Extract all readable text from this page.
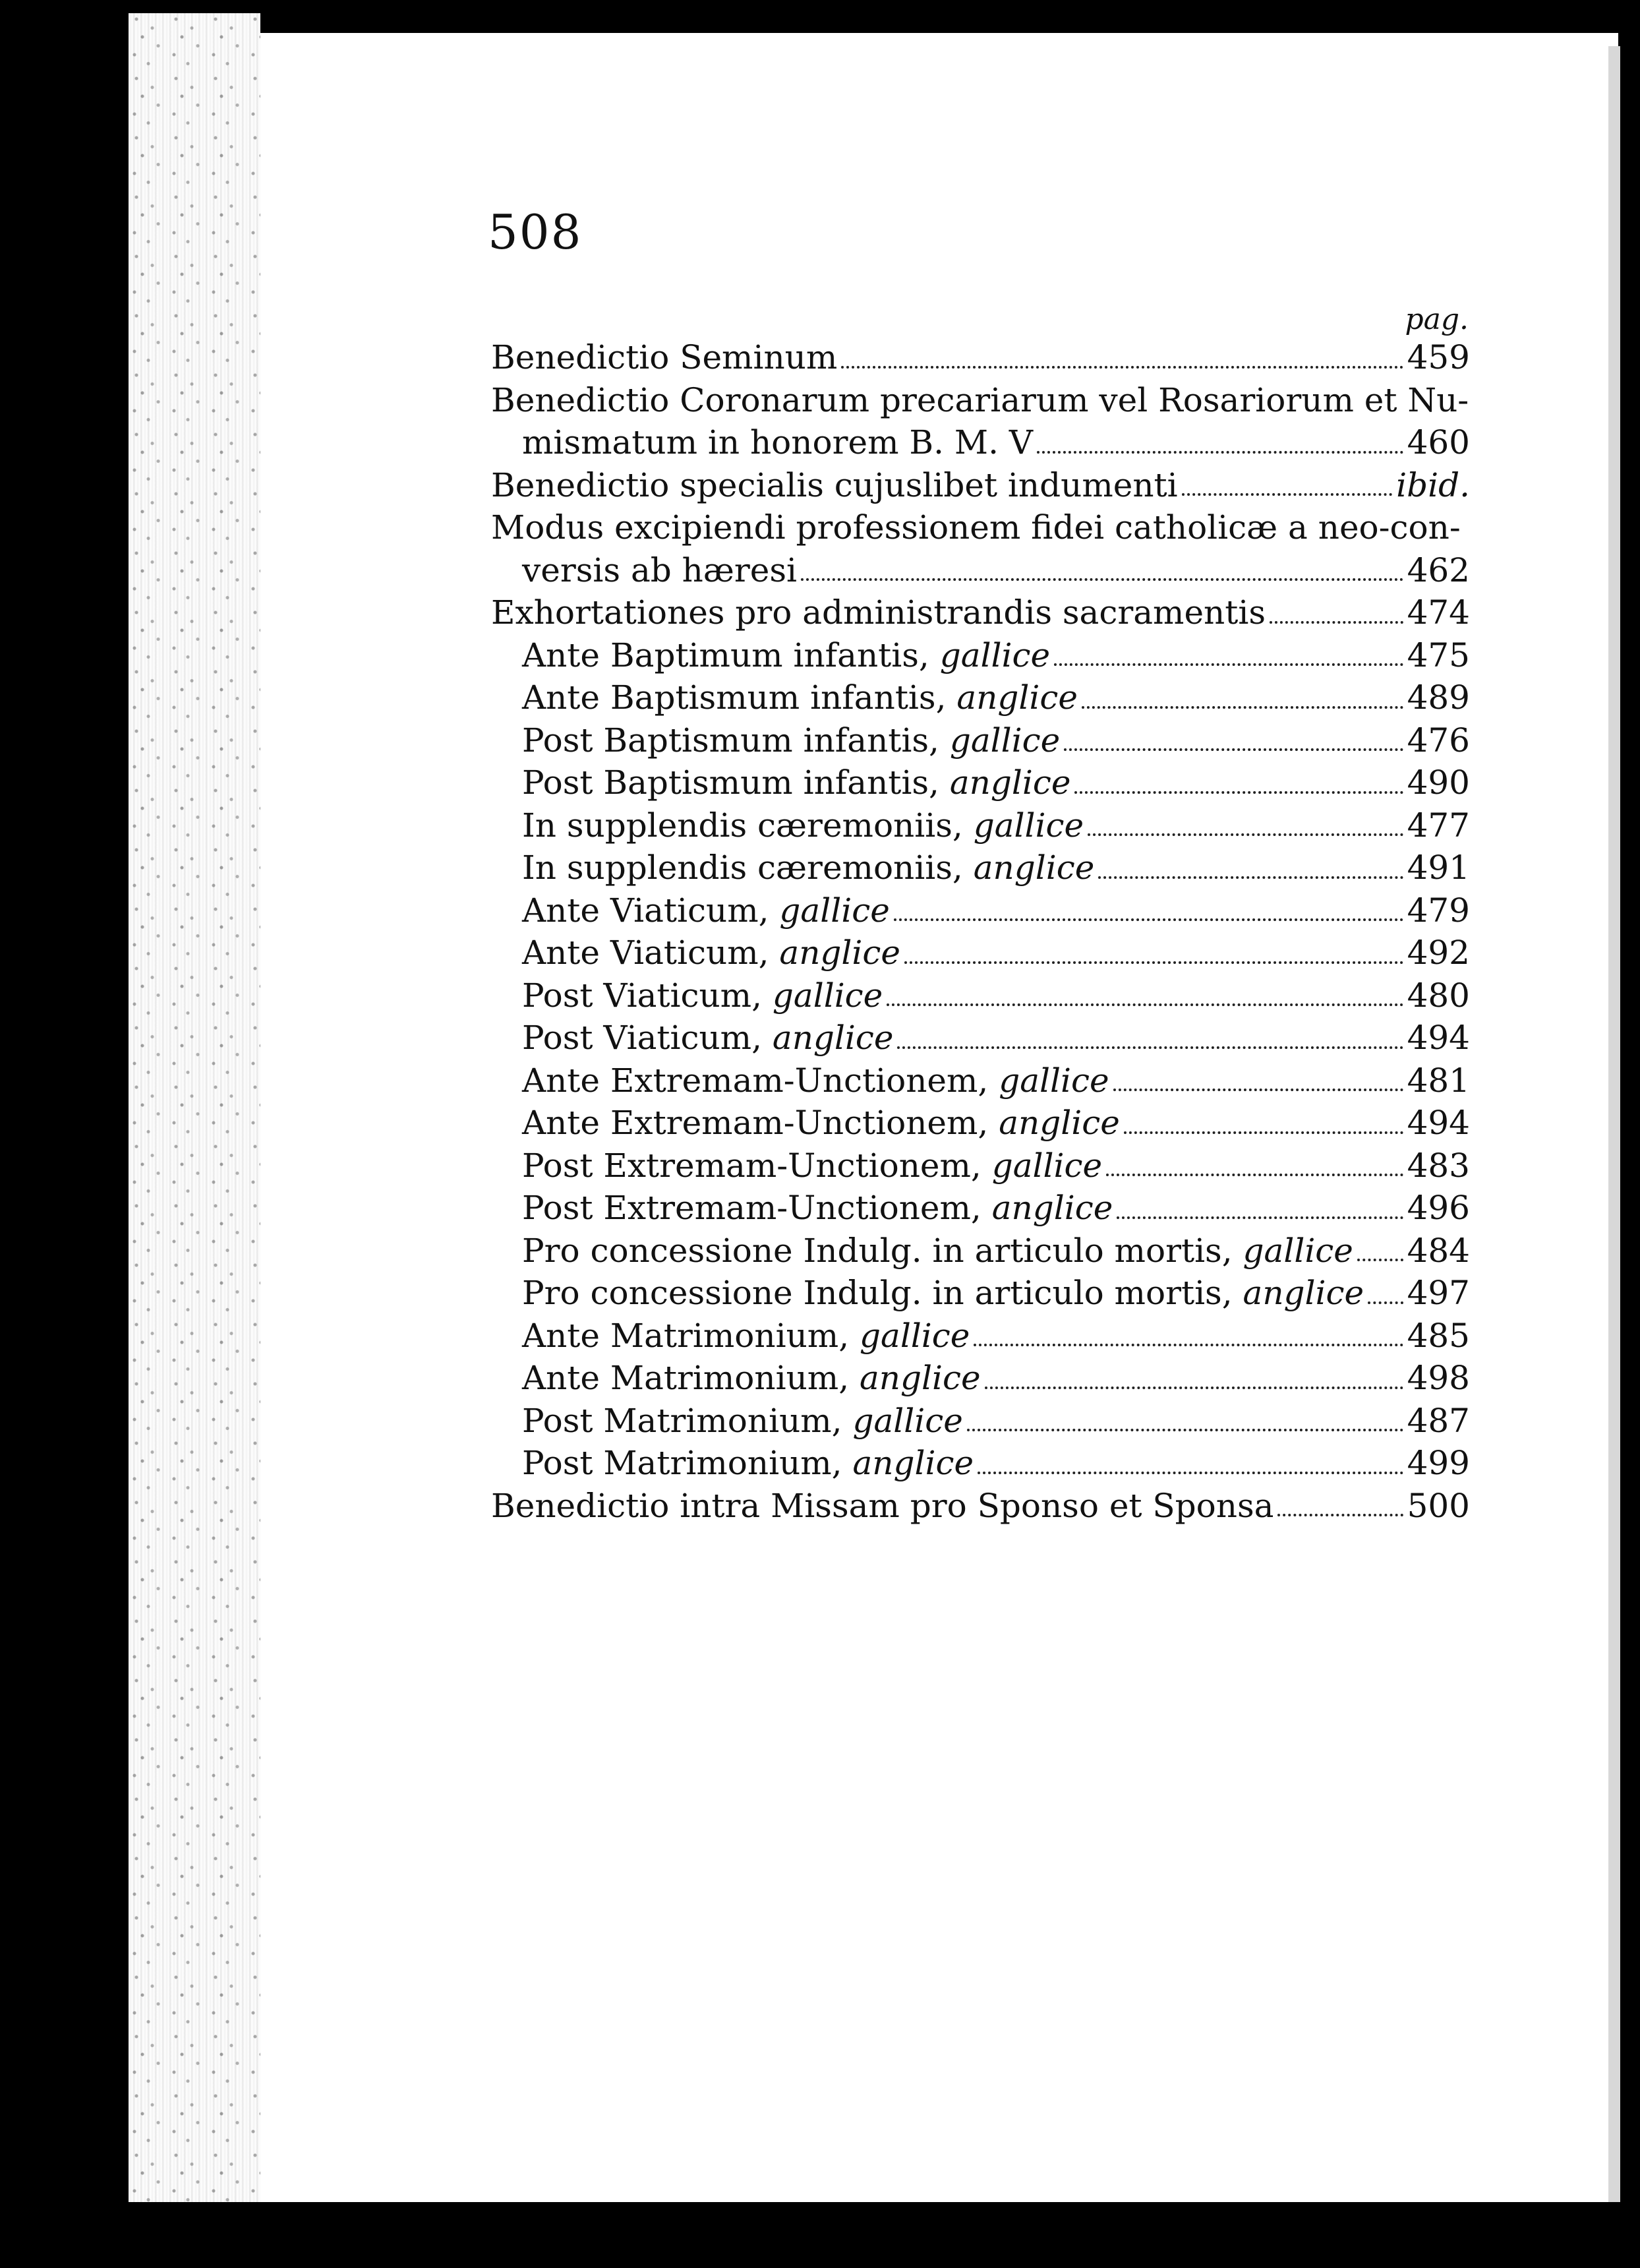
508
pag.
Benedictio Seminum	459
Benedictio Coronarum precariarum vel Rosariorum et Nu-
mismatum in honorem B. M. V	460
Benedictio specialis cujuslibet indumenti	ibid.
Modus excipiendi professionem fidei catholicæ a neo-con-
versis ab hæresi	462
Exhortationes pro administrandis sacramentis	474
Ante Baptimum infantis, gallice	475
Ante Baptismum infantis, anglice	489
Post Baptismum infantis, gallice	476
Post Baptismum infantis, anglice	490
In supplendis cæremoniis, gallice	477
In supplendis cæremoniis, anglice	491
Ante Viaticum, gallice	479
Ante Viaticum, anglice	492
Post Viaticum, gallice	480
Post Viaticum, anglice	494
Ante Extremam-Unctionem, gallice	481
Ante Extremam-Unctionem, anglice	494
Post Extremam-Unctionem, gallice	483
Post Extremam-Unctionem, anglice	496
Pro concessione Indulg. in articulo mortis, gallice 484
Pro concessione Indulg. in articulo mortis, anglice 497
Ante Matrimonium, gallice	485
Ante Matrimonium, anglice	498
Post Matrimonium, gallice	487
Post Matrimonium, anglice	499
Benedictio intra Missam pro Sponso et Sponsa	500
